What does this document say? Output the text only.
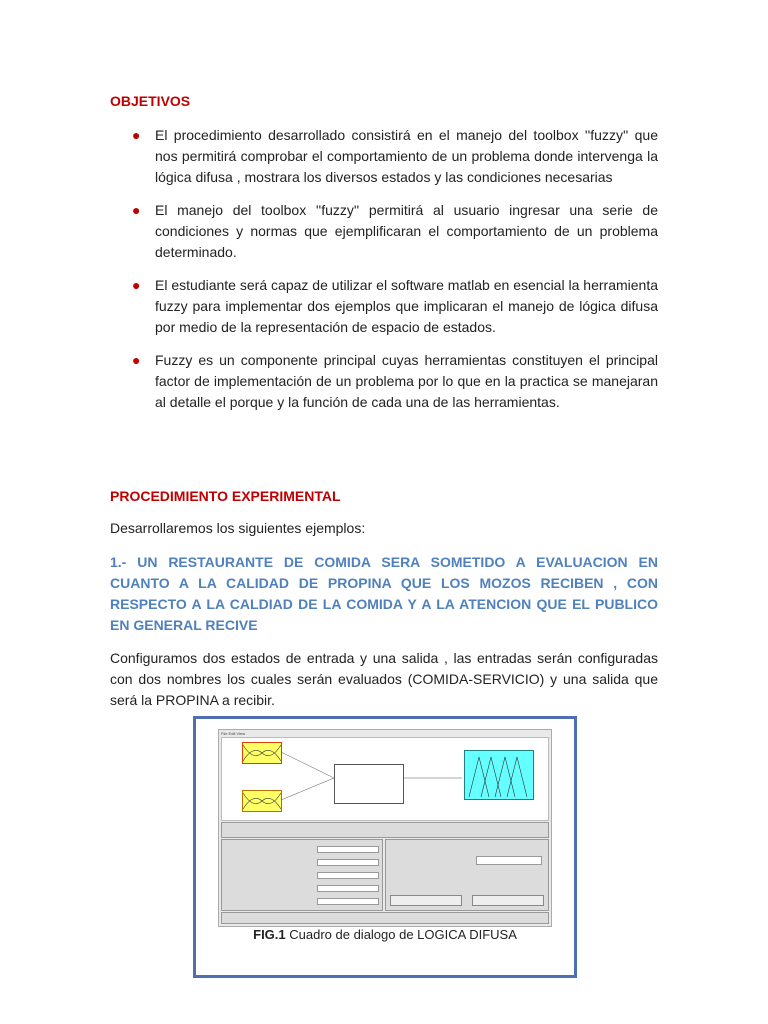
OBJETIVOS
● El procedimiento desarrollado consistirá en el manejo del toolbox ''fuzzy'' que nos permitirá comprobar el comportamiento de un problema donde intervenga la lógica difusa , mostrara los diversos estados y las condiciones necesarias
● El manejo del toolbox ''fuzzy'' permitirá al usuario ingresar una serie de condiciones y normas que ejemplificaran el comportamiento de un problema determinado.
● El estudiante será capaz de utilizar el software matlab en esencial la herramienta fuzzy para implementar dos ejemplos que implicaran el manejo de lógica difusa por medio de la representación de espacio de estados.
● Fuzzy es un componente principal cuyas herramientas constituyen el principal factor de implementación de un problema por lo que en la practica se manejaran al detalle el porque y la función de cada una de las herramientas.
PROCEDIMIENTO EXPERIMENTAL

Desarrollaremos los siguientes ejemplos:

1.- UN RESTAURANTE DE COMIDA SERA SOMETIDO A EVALUACION EN CUANTO A LA CALIDAD DE PROPINA QUE LOS MOZOS RECIBEN , CON RESPECTO A LA CALDIAD DE LA COMIDA Y A LA ATENCION QUE EL PUBLICO EN GENERAL RECIVE

Configuramos dos estados de entrada y una salida , las entradas serán configuradas con dos nombres los cuales serán evaluados (COMIDA-SERVICIO) y una salida que será la PROPINA a recibir.

File Edit View
FIG.1 Cuadro de dialogo de LOGICA DIFUSA
